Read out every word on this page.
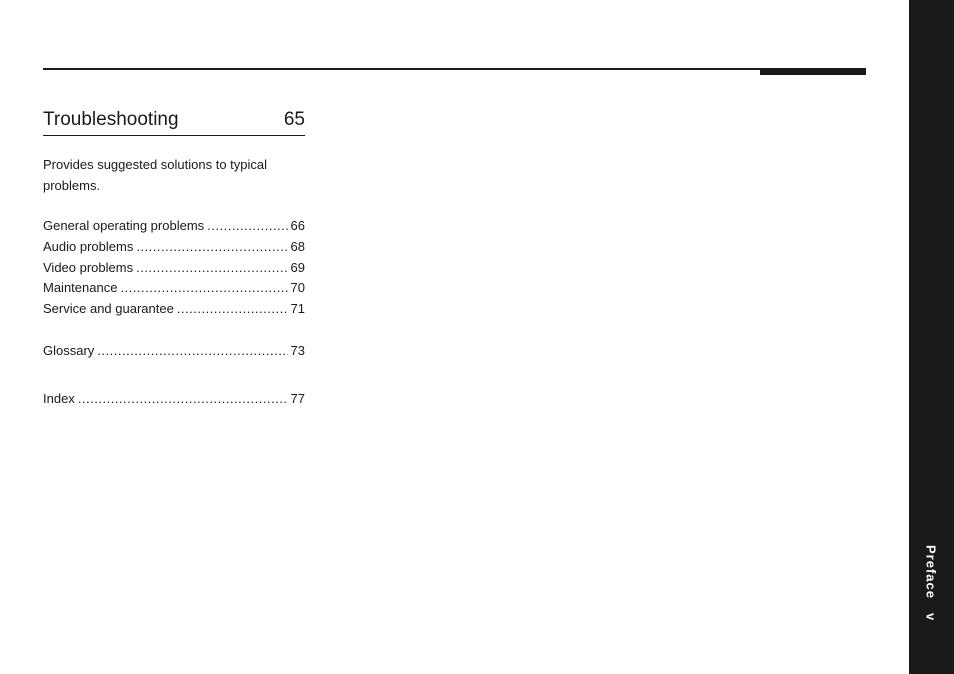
Troubleshooting	65
Provides suggested solutions to typical problems.
General operating problems .....	66
Audio problems .....	68
Video problems .....	69
Maintenance .....	70
Service and guarantee .....	71
Glossary .....	73
Index .....	77
Prefacev
